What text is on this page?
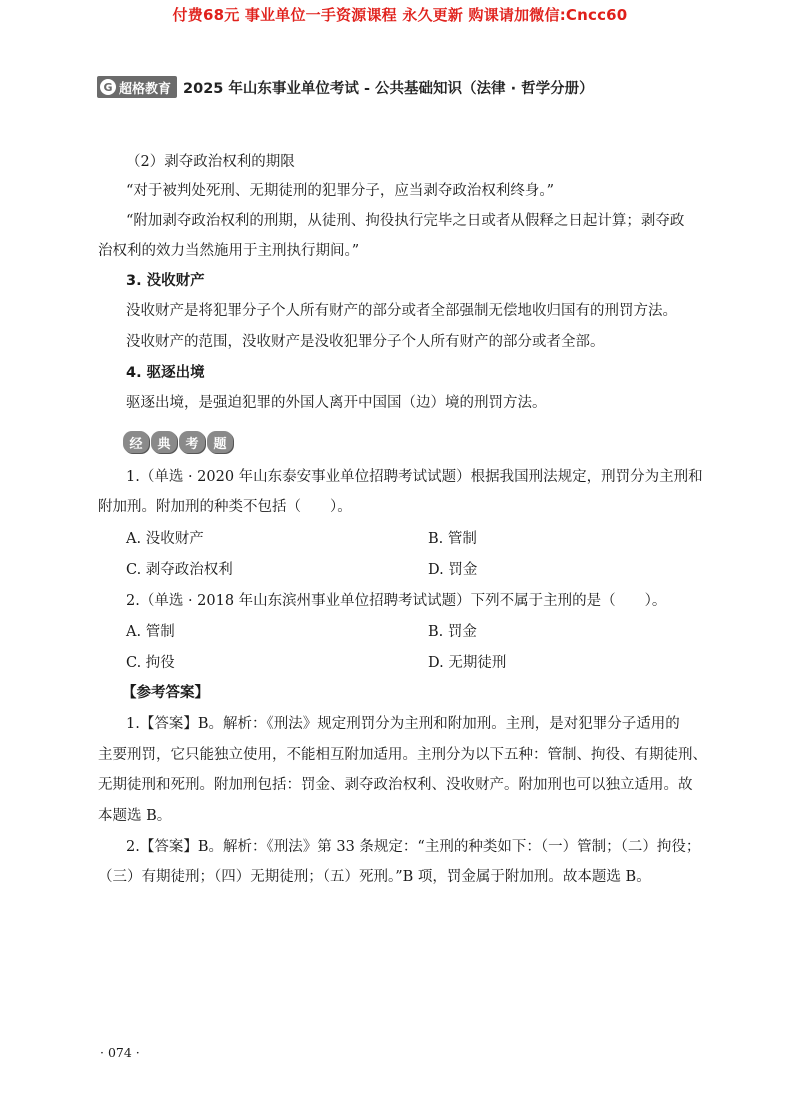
付费68元 事业单位一手资源课程 永久更新 购课请加微信:Cncc60
G 超格教育 2025 年山东事业单位考试 - 公共基础知识（法律 · 哲学分册）
（2）剥夺政治权利的期限
“对于被判处死刑、无期徒刑的犯罪分子，应当剥夺政治权利终身。”
“附加剥夺政治权利的刑期，从徒刑、拘役执行完毕之日或者从假释之日起计算；剥夺政
治权利的效力当然施用于主刑执行期间。”
3. 没收财产
没收财产是将犯罪分子个人所有财产的部分或者全部强制无偿地收归国有的刑罚方法。
没收财产的范围，没收财产是没收犯罪分子个人所有财产的部分或者全部。
4. 驱逐出境
驱逐出境，是强迫犯罪的外国人离开中国国（边）境的刑罚方法。
经	典	考	题
1.（单选 · 2020 年山东泰安事业单位招聘考试试题）根据我国刑法规定，刑罚分为主刑和
附加刑。附加刑的种类不包括（　　）。
A. 没收财产	B. 管制
C. 剥夺政治权利	D. 罚金
2.（单选 · 2018 年山东滨州事业单位招聘考试试题）下列不属于主刑的是（　　）。
A. 管制	B. 罚金
C. 拘役	D. 无期徒刑
【参考答案】
1.【答案】B。解析：《刑法》规定刑罚分为主刑和附加刑。主刑，是对犯罪分子适用的
主要刑罚，它只能独立使用，不能相互附加适用。主刑分为以下五种：管制、拘役、有期徒刑、
无期徒刑和死刑。附加刑包括：罚金、剥夺政治权利、没收财产。附加刑也可以独立适用。故
本题选 B。
2.【答案】B。解析：《刑法》第 33 条规定：“主刑的种类如下：（一）管制；（二）拘役；
（三）有期徒刑；（四）无期徒刑；（五）死刑。”B 项，罚金属于附加刑。故本题选 B。
· 074 ·
